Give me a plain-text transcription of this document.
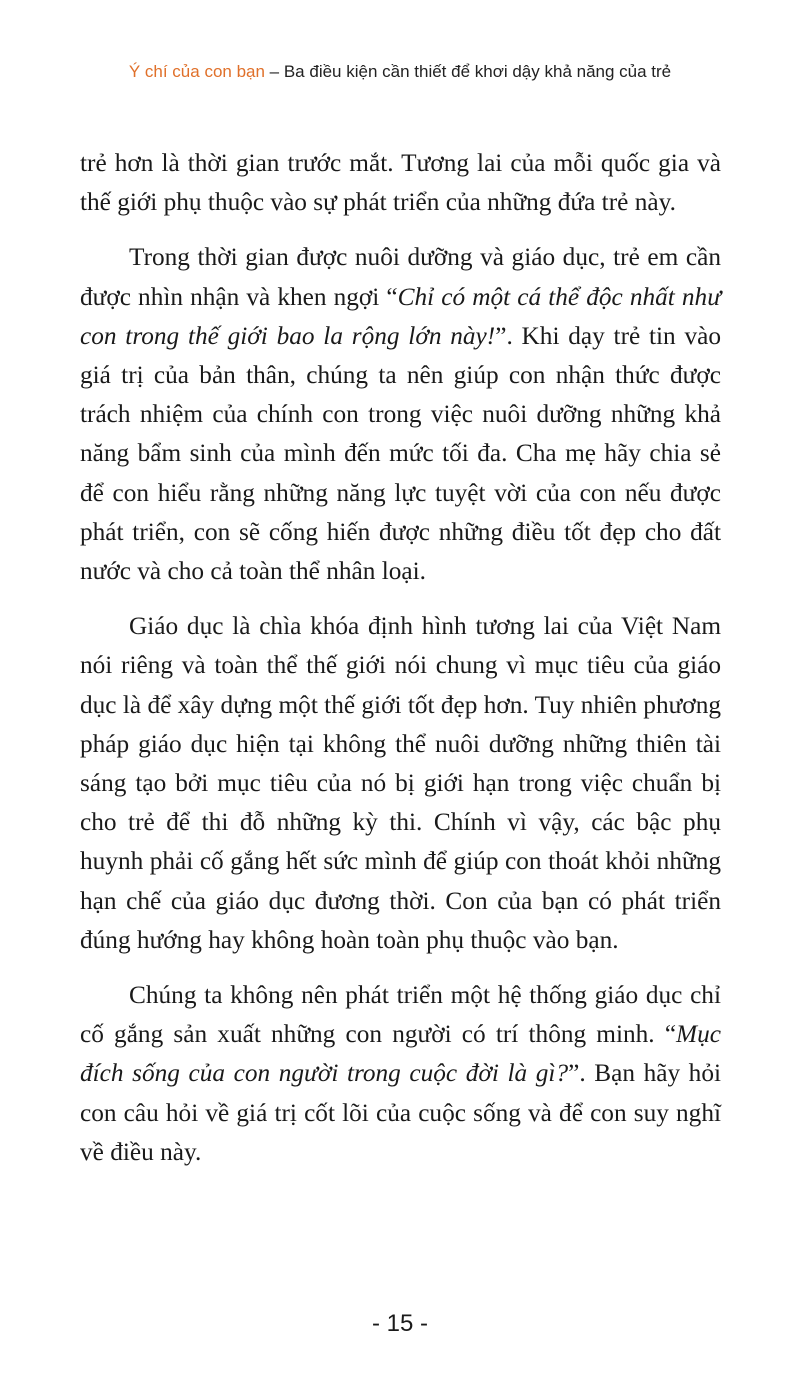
Ý chí của con bạn – Ba điều kiện cần thiết để khơi dậy khả năng của trẻ

trẻ hơn là thời gian trước mắt. Tương lai của mỗi quốc gia và thế giới phụ thuộc vào sự phát triển của những đứa trẻ này.

Trong thời gian được nuôi dưỡng và giáo dục, trẻ em cần được nhìn nhận và khen ngợi “Chỉ có một cá thể độc nhất như con trong thế giới bao la rộng lớn này!”. Khi dạy trẻ tin vào giá trị của bản thân, chúng ta nên giúp con nhận thức được trách nhiệm của chính con trong việc nuôi dưỡng những khả năng bẩm sinh của mình đến mức tối đa. Cha mẹ hãy chia sẻ để con hiểu rằng những năng lực tuyệt vời của con nếu được phát triển, con sẽ cống hiến được những điều tốt đẹp cho đất nước và cho cả toàn thể nhân loại.

Giáo dục là chìa khóa định hình tương lai của Việt Nam nói riêng và toàn thể thế giới nói chung vì mục tiêu của giáo dục là để xây dựng một thế giới tốt đẹp hơn. Tuy nhiên phương pháp giáo dục hiện tại không thể nuôi dưỡng những thiên tài sáng tạo bởi mục tiêu của nó bị giới hạn trong việc chuẩn bị cho trẻ để thi đỗ những kỳ thi. Chính vì vậy, các bậc phụ huynh phải cố gắng hết sức mình để giúp con thoát khỏi những hạn chế của giáo dục đương thời. Con của bạn có phát triển đúng hướng hay không hoàn toàn phụ thuộc vào bạn.

Chúng ta không nên phát triển một hệ thống giáo dục chỉ cố gắng sản xuất những con người có trí thông minh. “Mục đích sống của con người trong cuộc đời là gì?”. Bạn hãy hỏi con câu hỏi về giá trị cốt lõi của cuộc sống và để con suy nghĩ về điều này.

- 15 -
